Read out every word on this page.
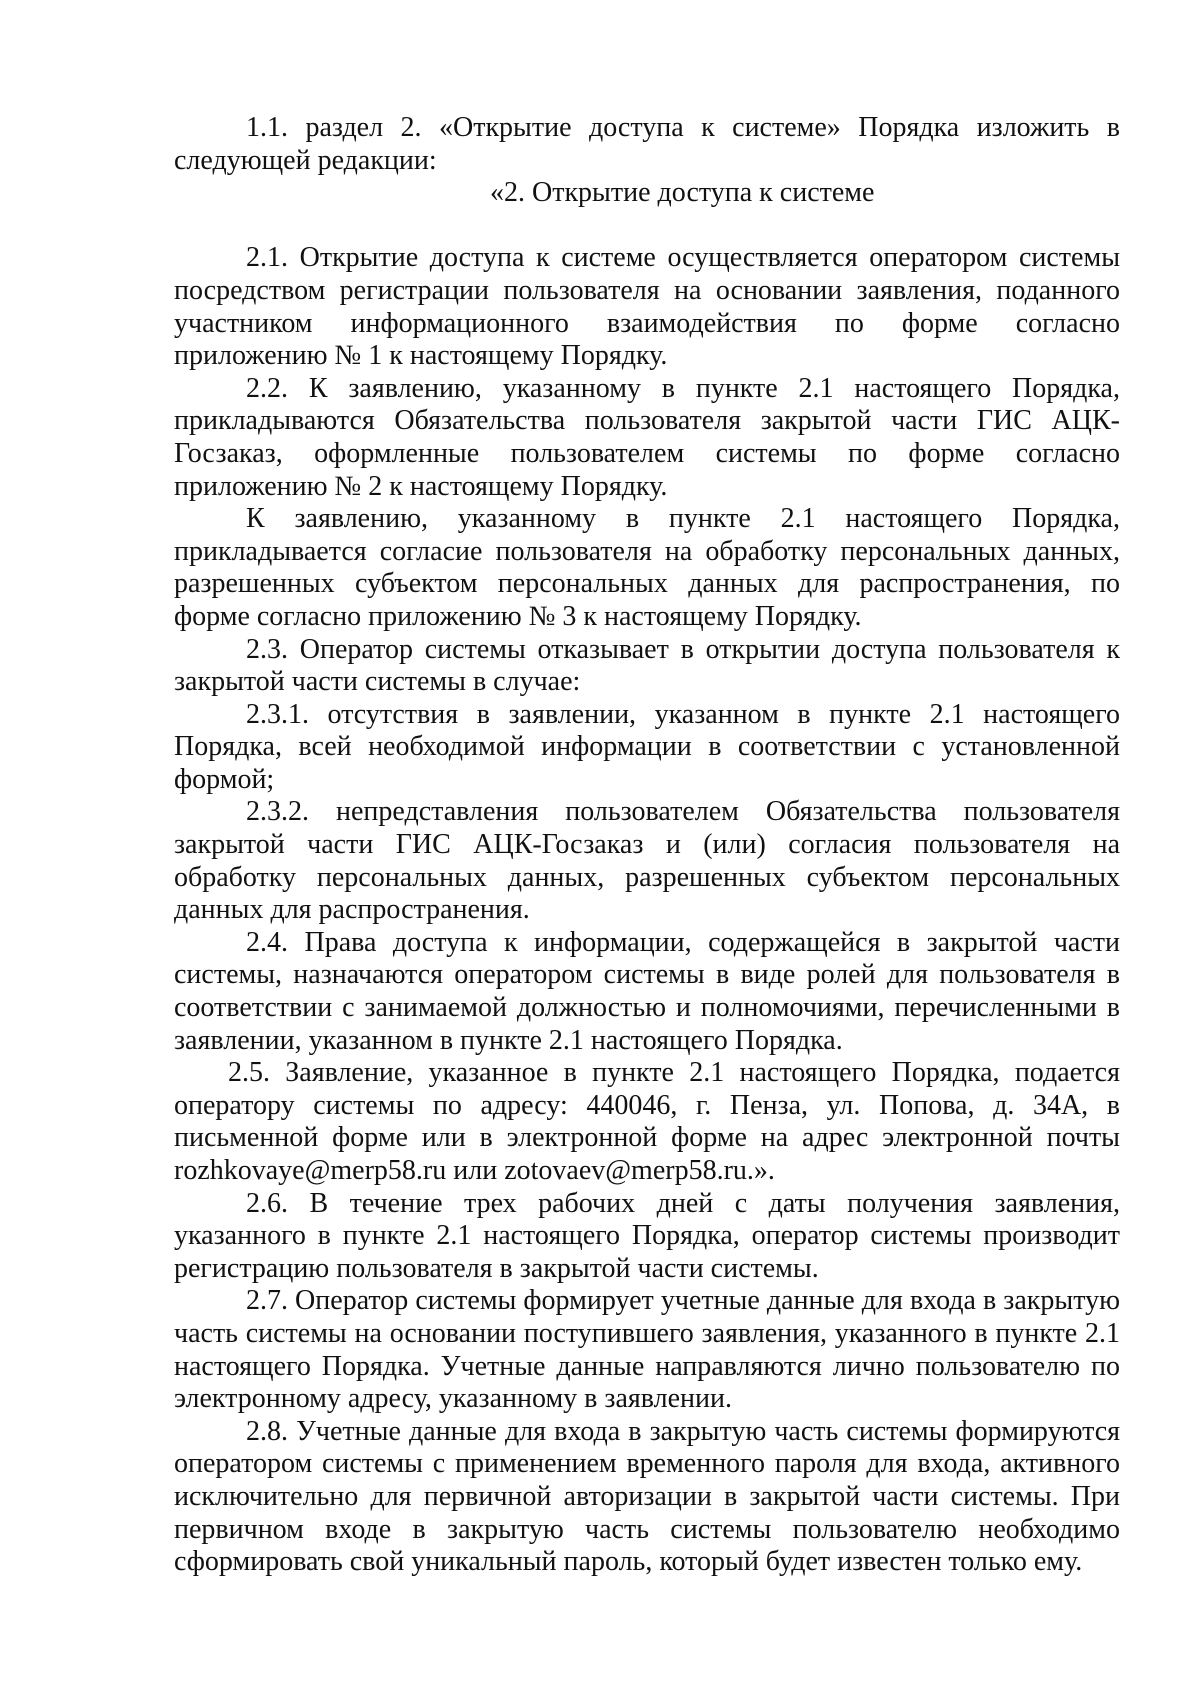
1.1. раздел 2. «Открытие доступа к системе» Порядка изложить в следующей редакции:

«2. Открытие доступа к системе

2.1. Открытие доступа к системе осуществляется оператором системы посредством регистрации пользователя на основании заявления, поданного участником информационного взаимодействия по форме согласно приложению № 1 к настоящему Порядку.

2.2. К заявлению, указанному в пункте 2.1 настоящего Порядка, прикладываются Обязательства пользователя закрытой части ГИС АЦК-Госзаказ, оформленные пользователем системы по форме согласно приложению № 2 к настоящему Порядку.

К заявлению, указанному в пункте 2.1 настоящего Порядка, прикладывается согласие пользователя на обработку персональных данных, разрешенных субъектом персональных данных для распространения, по форме согласно приложению № 3 к настоящему Порядку.

2.3. Оператор системы отказывает в открытии доступа пользователя к закрытой части системы в случае:

2.3.1. отсутствия в заявлении, указанном в пункте 2.1 настоящего Порядка, всей необходимой информации в соответствии с установленной формой;

2.3.2. непредставления пользователем Обязательства пользователя закрытой части ГИС АЦК-Госзаказ и (или) согласия пользователя на обработку персональных данных, разрешенных субъектом персональных данных для распространения.

2.4. Права доступа к информации, содержащейся в закрытой части системы, назначаются оператором системы в виде ролей для пользователя в соответствии с занимаемой должностью и полномочиями, перечисленными в заявлении, указанном в пункте 2.1 настоящего Порядка.

2.5. Заявление, указанное в пункте 2.1 настоящего Порядка, подается оператору системы по адресу: 440046, г. Пенза, ул. Попова, д. 34А, в письменной форме или в электронной форме на адрес электронной почты rozhkovaye@merp58.ru или zotovaev@merp58.ru.».

2.6. В течение трех рабочих дней с даты получения заявления, указанного в пункте 2.1 настоящего Порядка, оператор системы производит регистрацию пользователя в закрытой части системы.

2.7. Оператор системы формирует учетные данные для входа в закрытую часть системы на основании поступившего заявления, указанного в пункте 2.1 настоящего Порядка. Учетные данные направляются лично пользователю по электронному адресу, указанному в заявлении.

2.8. Учетные данные для входа в закрытую часть системы формируются оператором системы с применением временного пароля для входа, активного исключительно для первичной авторизации в закрытой части системы. При первичном входе в закрытую часть системы пользователю необходимо сформировать свой уникальный пароль, который будет известен только ему.
